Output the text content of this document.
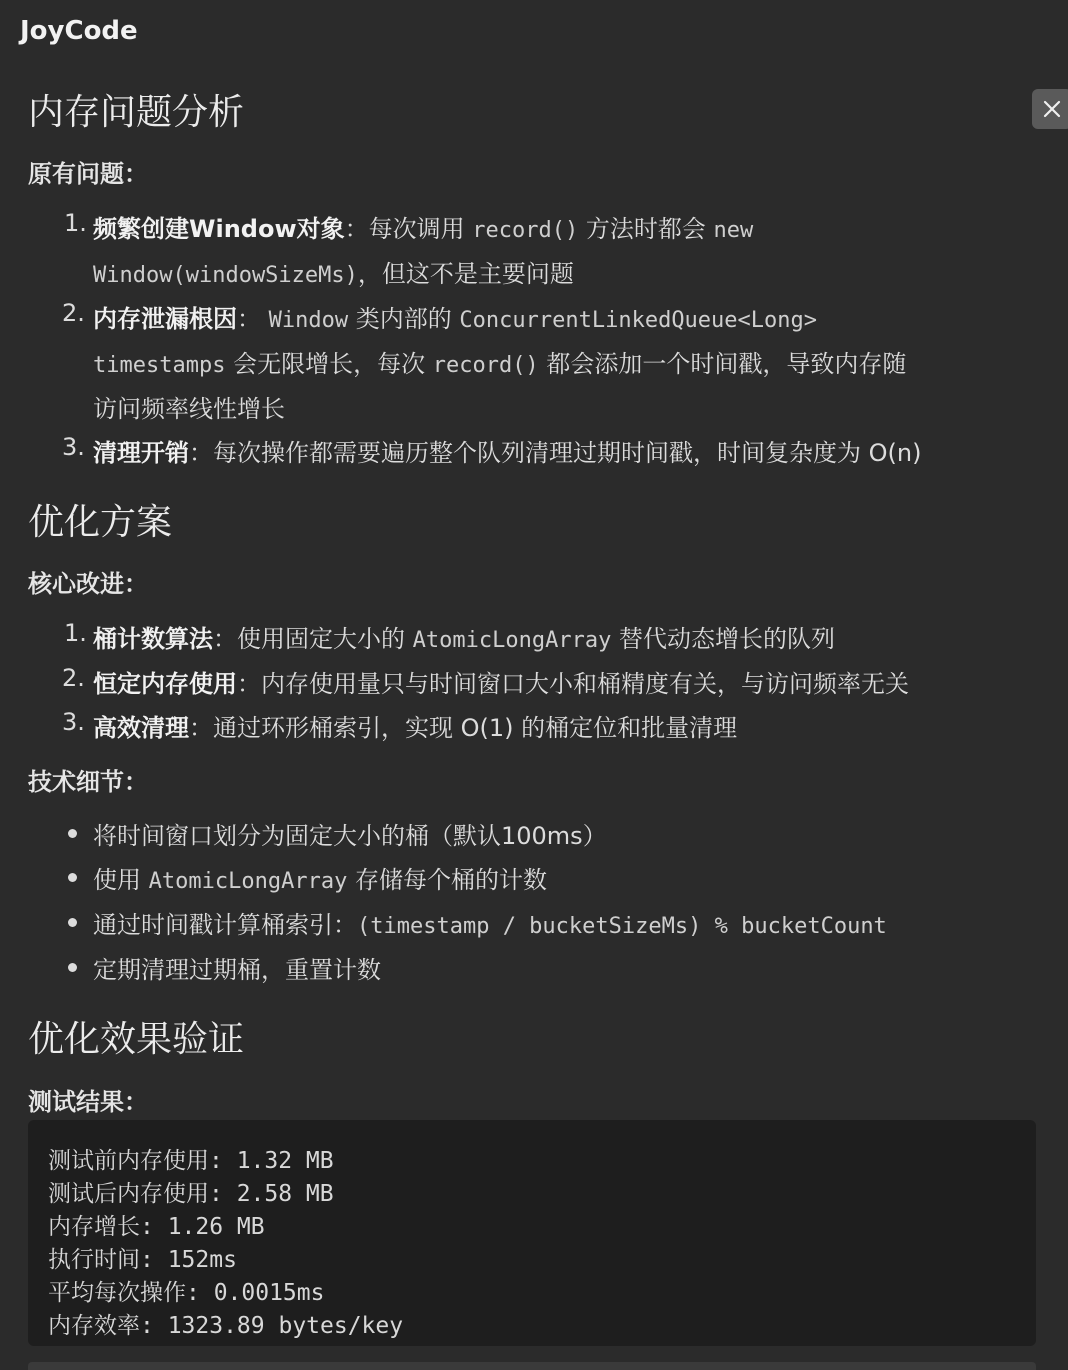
JoyCode
内存问题分析
原有问题：
1. 频繁创建Window对象：每次调用 record() 方法时都会 new
Window(windowSizeMs)，但这不是主要问题
2. 内存泄漏根因： Window 类内部的 ConcurrentLinkedQueue<Long>
timestamps 会无限增长，每次 record() 都会添加一个时间戳，导致内存随
访问频率线性增长
3. 清理开销：每次操作都需要遍历整个队列清理过期时间戳，时间复杂度为 O(n)
优化方案
核心改进：
1. 桶计数算法：使用固定大小的 AtomicLongArray 替代动态增长的队列
2. 恒定内存使用：内存使用量只与时间窗口大小和桶精度有关，与访问频率无关
3. 高效清理：通过环形桶索引，实现 O(1) 的桶定位和批量清理
技术细节：
将时间窗口划分为固定大小的桶（默认100ms）
使用 AtomicLongArray 存储每个桶的计数
通过时间戳计算桶索引：(timestamp / bucketSizeMs) % bucketCount
定期清理过期桶，重置计数
优化效果验证
测试结果：
测试前内存使用: 1.32 MB
测试后内存使用: 2.58 MB
内存增长: 1.26 MB
执行时间: 152ms
平均每次操作: 0.0015ms
内存效率: 1323.89 bytes/key
